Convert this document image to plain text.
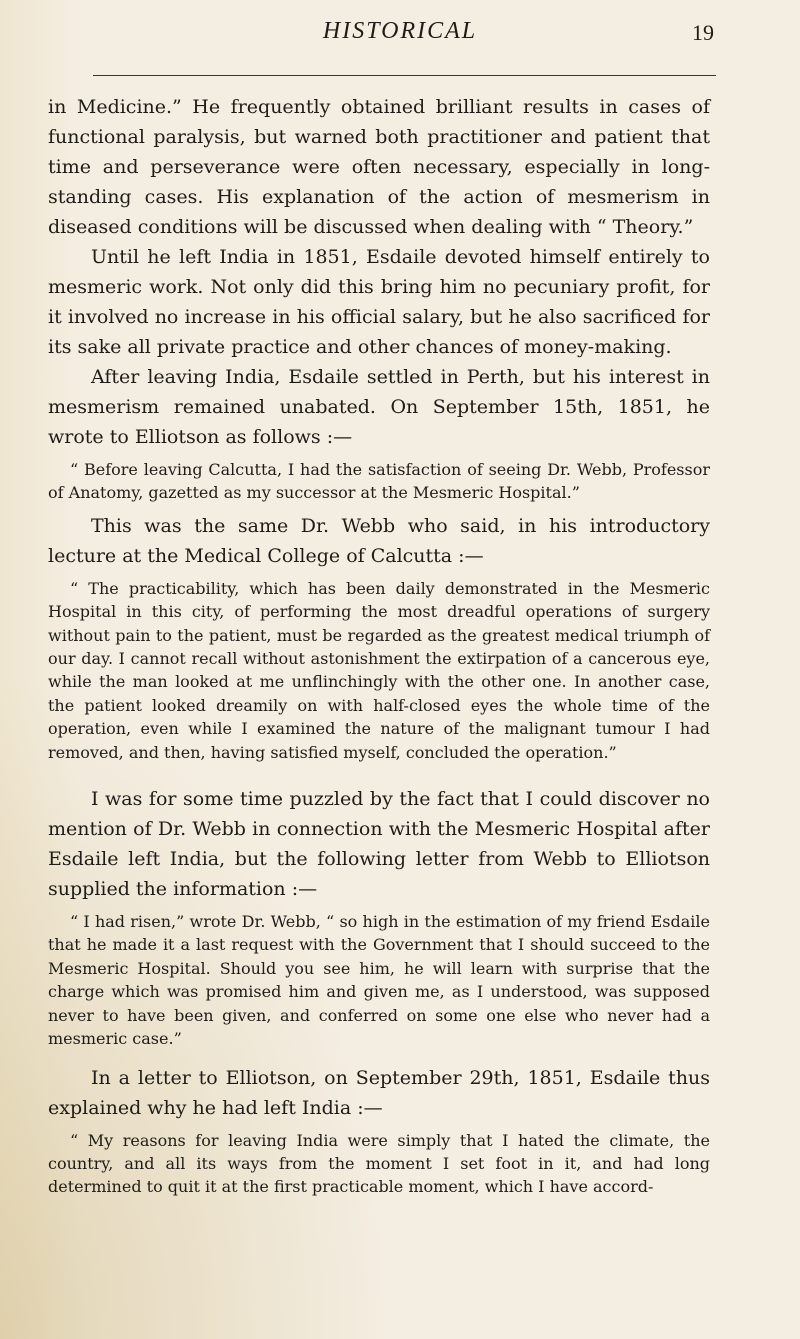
HISTORICAL	19

in Medicine.” He frequently obtained brilliant results in cases of functional paralysis, but warned both practitioner and patient that time and perseverance were often necessary, especially in long-standing cases. His explanation of the action of mesmerism in diseased conditions will be discussed when dealing with “ Theory.”

Until he left India in 1851, Esdaile devoted himself entirely to mesmeric work. Not only did this bring him no pecuniary profit, for it involved no increase in his official salary, but he also sacrificed for its sake all private practice and other chances of money-making.

After leaving India, Esdaile settled in Perth, but his interest in mesmerism remained unabated. On September 15th, 1851, he wrote to Elliotson as follows :—

“ Before leaving Calcutta, I had the satisfaction of seeing Dr. Webb, Professor of Anatomy, gazetted as my successor at the Mesmeric Hospital.”

This was the same Dr. Webb who said, in his introductory lecture at the Medical College of Calcutta :—

“ The practicability, which has been daily demonstrated in the Mesmeric Hospital in this city, of performing the most dreadful operations of surgery without pain to the patient, must be regarded as the greatest medical triumph of our day. I cannot recall without astonishment the extirpation of a cancerous eye, while the man looked at me unflinchingly with the other one. In another case, the patient looked dreamily on with half-closed eyes the whole time of the operation, even while I examined the nature of the malignant tumour I had removed, and then, having satisfied myself, concluded the operation.”

I was for some time puzzled by the fact that I could discover no mention of Dr. Webb in connection with the Mesmeric Hospital after Esdaile left India, but the following letter from Webb to Elliotson supplied the information :—

“ I had risen,” wrote Dr. Webb, “ so high in the estimation of my friend Esdaile that he made it a last request with the Government that I should succeed to the Mesmeric Hospital. Should you see him, he will learn with surprise that the charge which was promised him and given me, as I understood, was supposed never to have been given, and conferred on some one else who never had a mesmeric case.”

In a letter to Elliotson, on September 29th, 1851, Esdaile thus explained why he had left India :—

“ My reasons for leaving India were simply that I hated the climate, the country, and all its ways from the moment I set foot in it, and had long determined to quit it at the first practicable moment, which I have accord-
